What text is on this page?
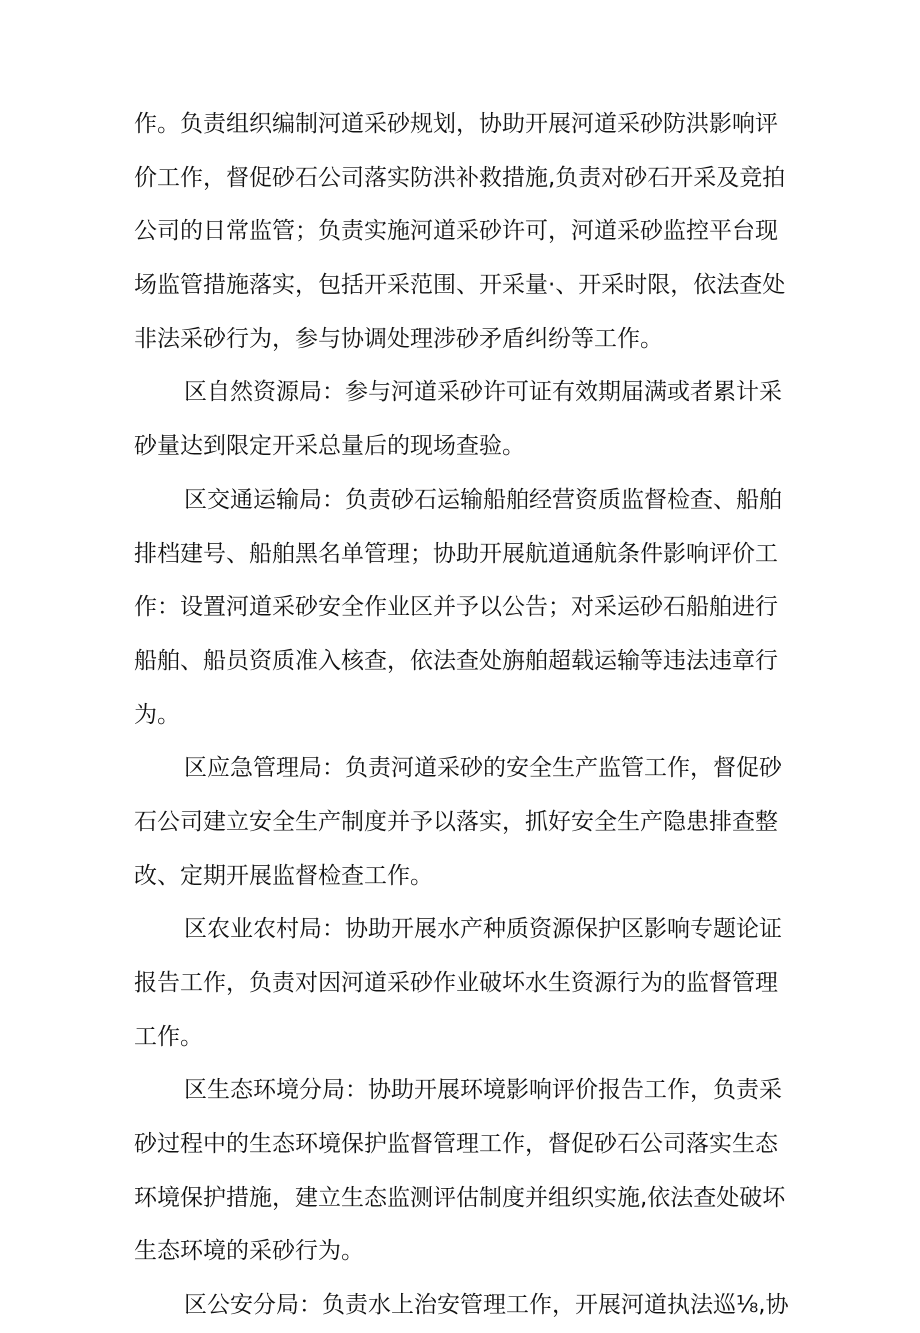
作。负责组织编制河道采砂规划，协助开展河道采砂防洪影响评
价工作，督促砂石公司落实防洪补救措施,负责对砂石开采及竞拍
公司的日常监管；负责实施河道采砂许可，河道采砂监控平台现
场监管措施落实，包括开采范围、开采量·、开采时限，依法查处
非法采砂行为，参与协调处理涉砂矛盾纠纷等工作。
区自然资源局：参与河道采砂许可证有效期届满或者累计采
砂量达到限定开采总量后的现场查验。
区交通运输局：负责砂石运输船舶经营资质监督检查、船舶
排档建号、船舶黑名单管理；协助开展航道通航条件影响评价工
作：设置河道采砂安全作业区并予以公告；对采运砂石船舶进行
船舶、船员资质准入核查，依法查处旃舶超载运输等违法违章行
为。
区应急管理局：负责河道采砂的安全生产监管工作，督促砂
石公司建立安全生产制度并予以落实，抓好安全生产隐患排查整
改、定期开展监督检查工作。
区农业农村局：协助开展水产种质资源保护区影响专题论证
报告工作，负责对因河道采砂作业破坏水生资源行为的监督管理
工作。
区生态环境分局：协助开展环境影响评价报告工作，负责采
砂过程中的生态环境保护监督管理工作，督促砂石公司落实生态
环境保护措施，建立生态监测评估制度并组织实施,依法查处破坏
生态环境的采砂行为。
区公安分局：负责水上治安管理工作，开展河道执法巡⅛,协
